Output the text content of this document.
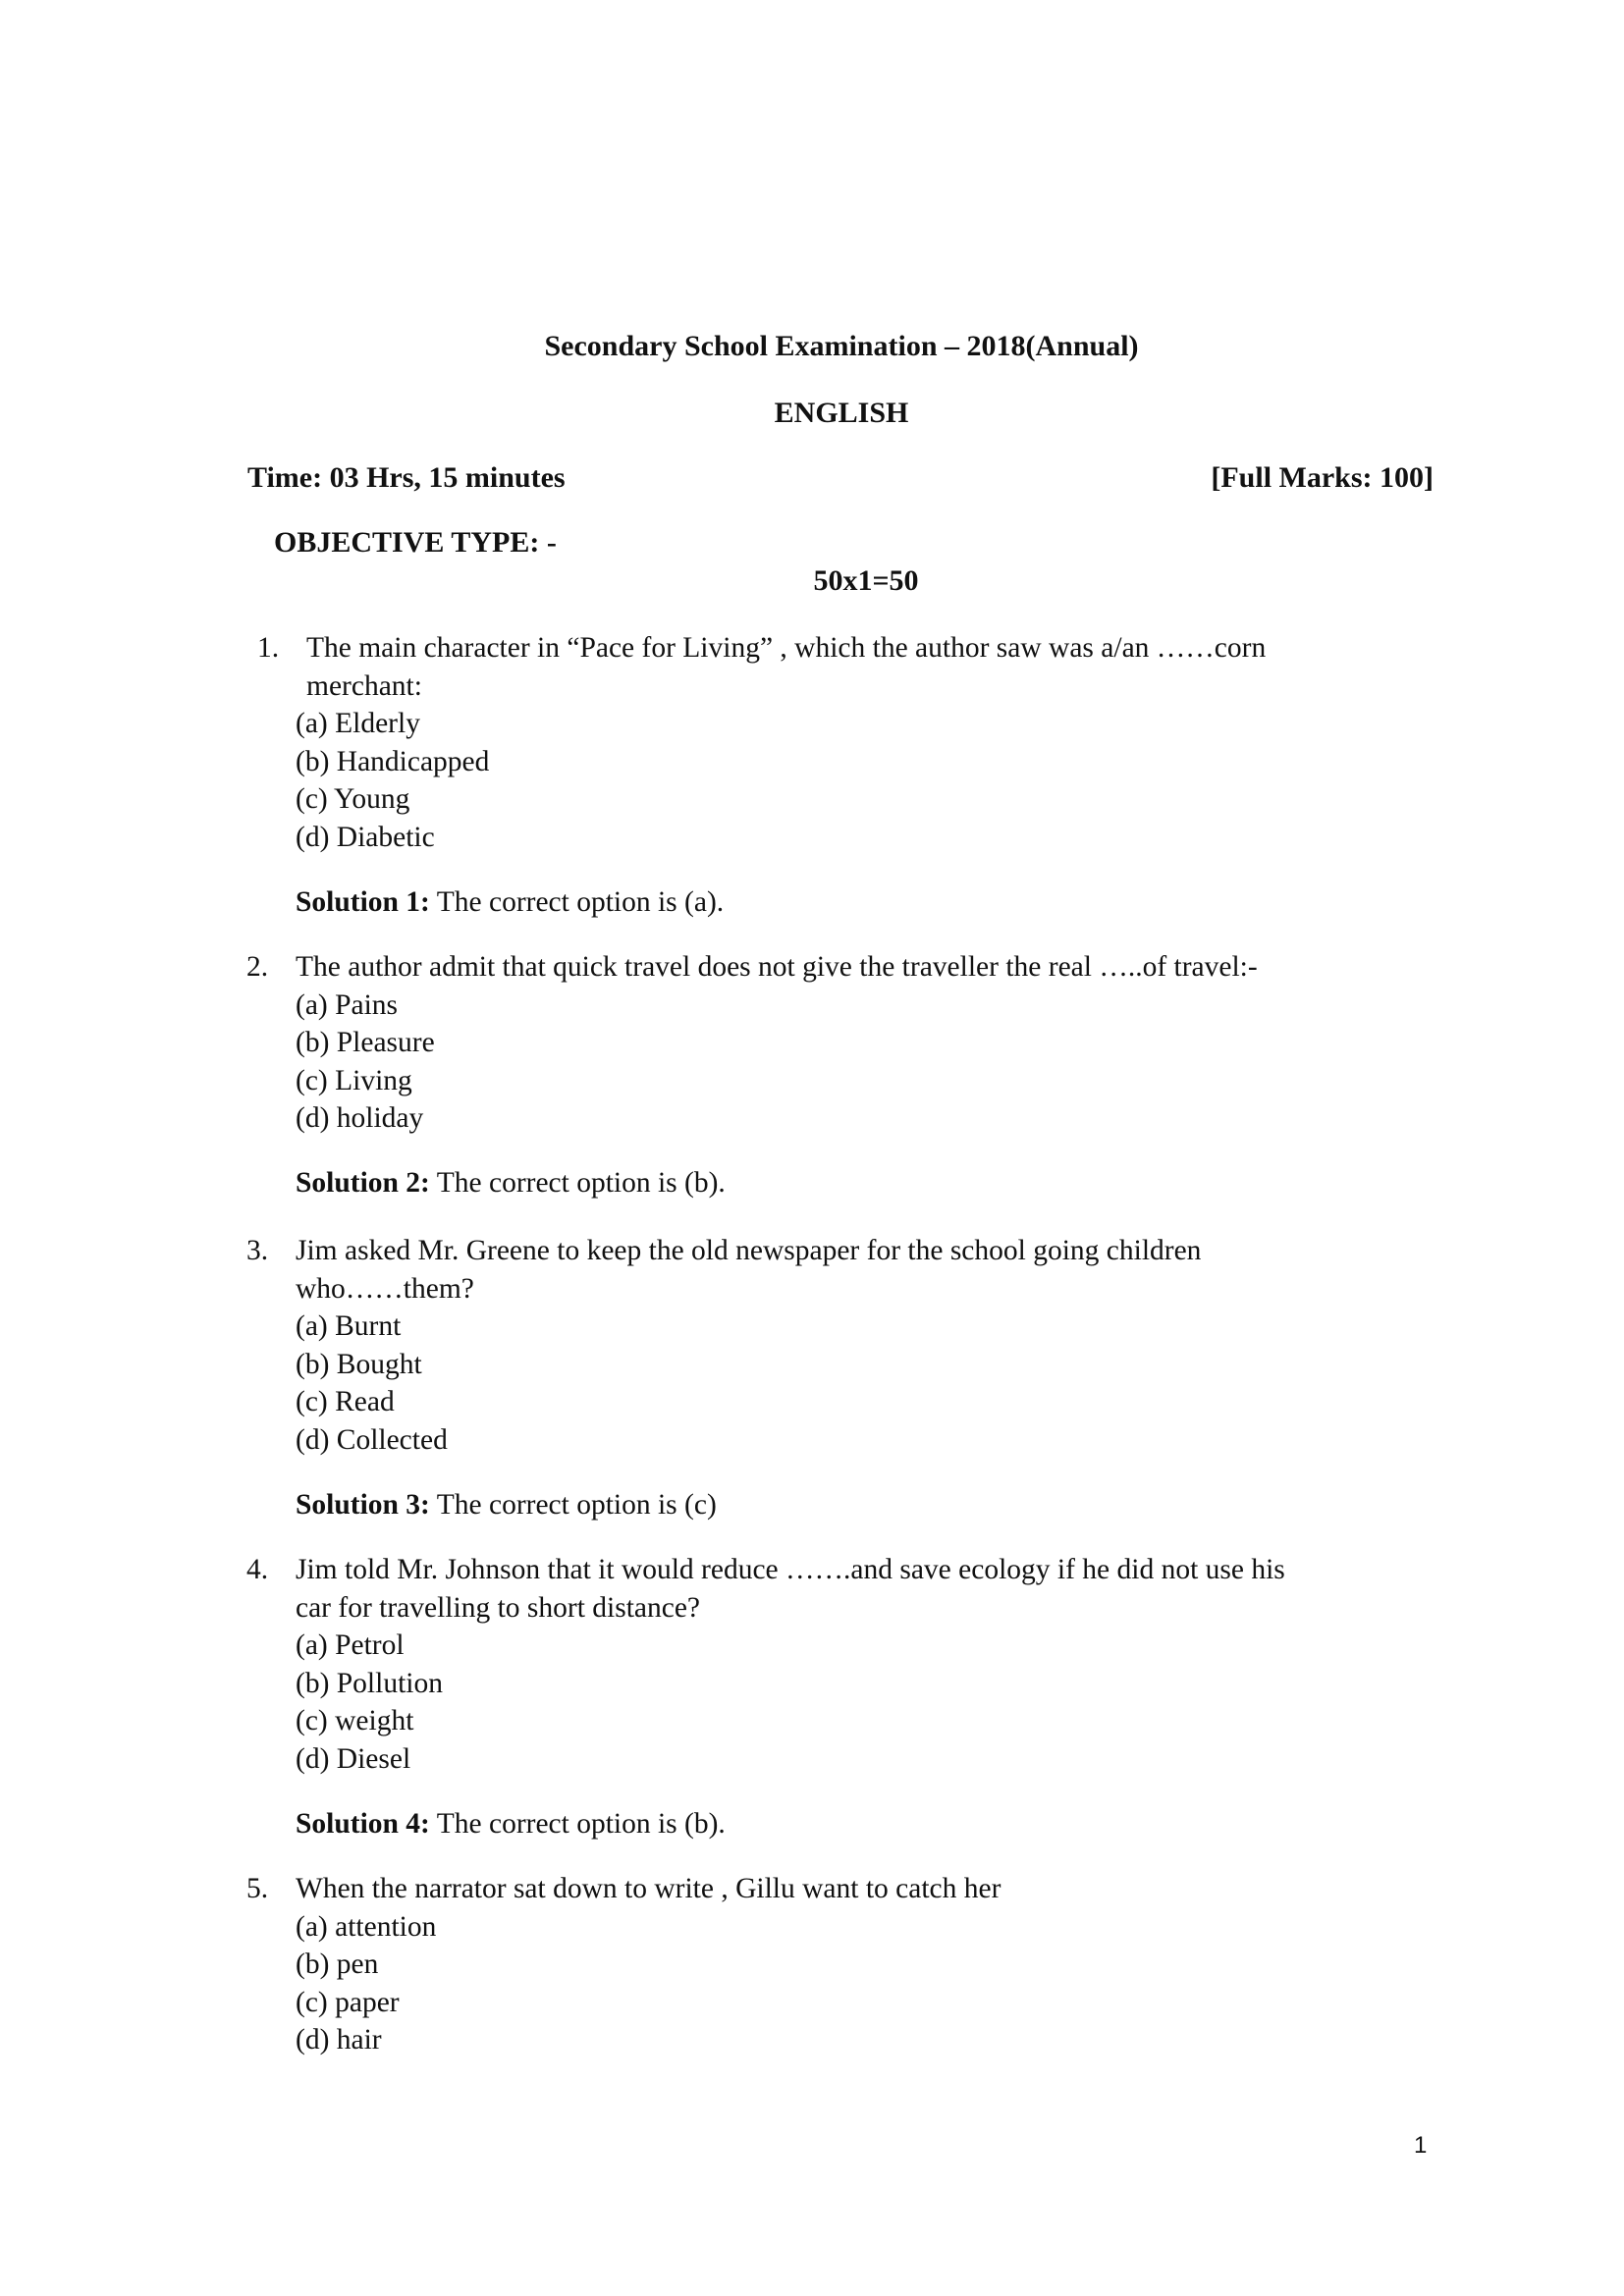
Secondary School Examination – 2018(Annual)
ENGLISH
Time: 03 Hrs, 15 minutes	[Full Marks: 100]
OBJECTIVE TYPE: -
50x1=50
1. The main character in “Pace for Living” , which the author saw was a/an ……corn
merchant:
(a) Elderly
(b) Handicapped
(c) Young
(d) Diabetic
Solution 1: The correct option is (a).
2. The author admit that quick travel does not give the traveller the real …..of travel:-
(a) Pains
(b) Pleasure
(c) Living
(d) holiday
Solution 2: The correct option is (b).
3. Jim asked Mr. Greene to keep the old newspaper for the school going children
who……them?
(a) Burnt
(b) Bought
(c) Read
(d) Collected
Solution 3: The correct option is (c)
4. Jim told Mr. Johnson that it would reduce …….and save ecology if he did not use his
car for travelling to short distance?
(a) Petrol
(b) Pollution
(c) weight
(d) Diesel
Solution 4: The correct option is (b).
5. When the narrator sat down to write , Gillu want to catch her
(a) attention
(b) pen
(c) paper
(d) hair
1
